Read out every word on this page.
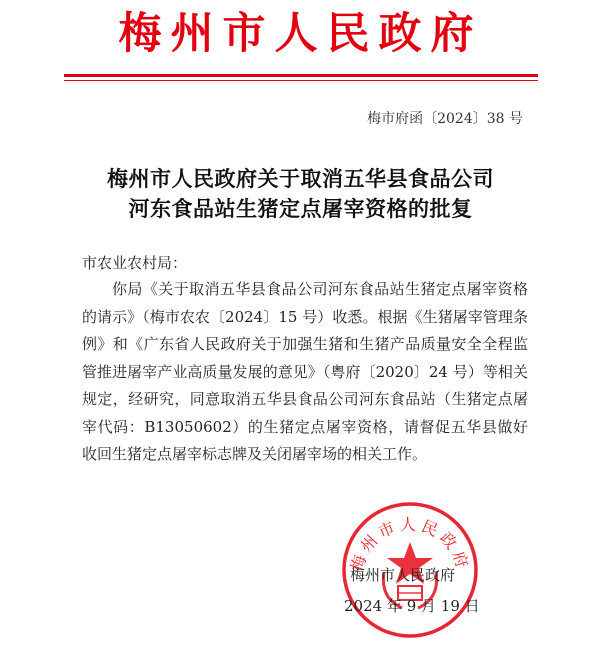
梅州市人民政府
梅市府函〔2024〕38 号
梅州市人民政府关于取消五华县食品公司
河东食品站生猪定点屠宰资格的批复
市农业农村局：

你局《关于取消五华县食品公司河东食品站生猪定点屠宰资格的请示》（梅市农农〔2024〕15 号）收悉。根据《生猪屠宰管理条例》和《广东省人民政府关于加强生猪和生猪产品质量安全全程监管推进屠宰产业高质量发展的意见》（粤府〔2020〕24 号）等相关规定，经研究，同意取消五华县食品公司河东食品站（生猪定点屠宰代码：B13050602）的生猪定点屠宰资格，请督促五华县做好收回生猪定点屠宰标志牌及关闭屠宰场的相关工作。

梅州市人民政府
梅州市人民政府
2024 年 9 月 19 日
